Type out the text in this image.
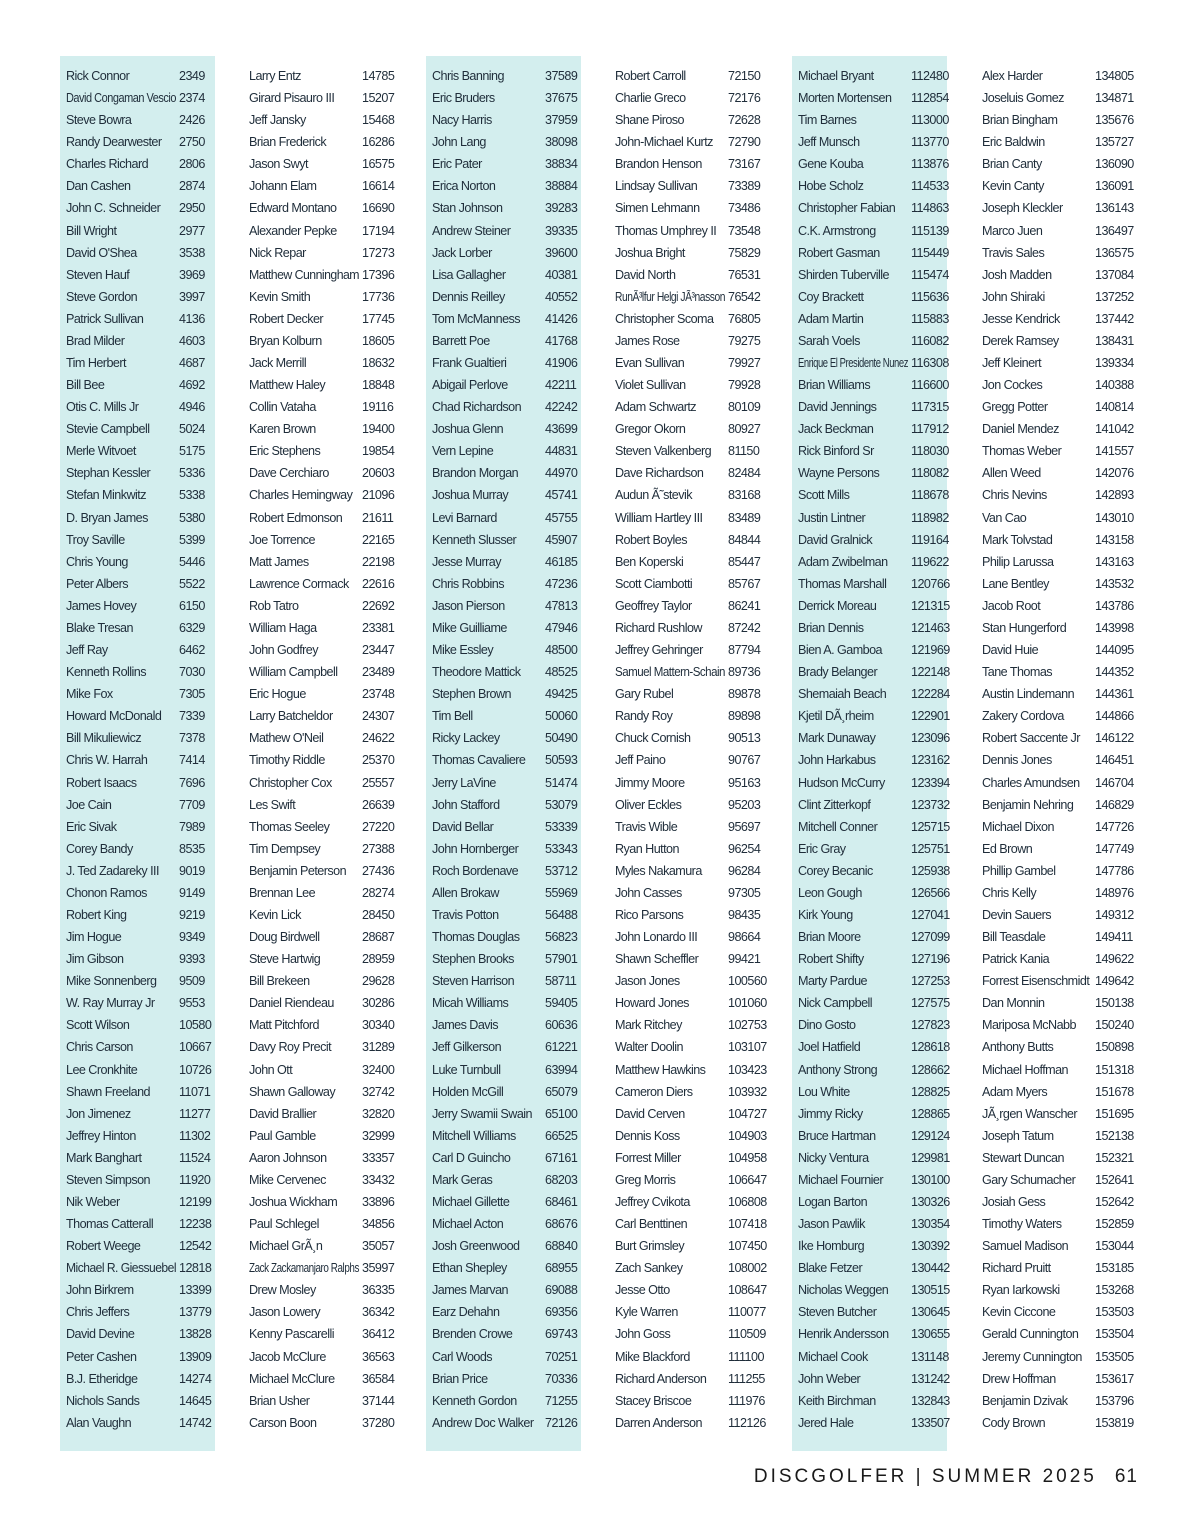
Rick Connor	2349
David Congaman Vescio 2374
Steve Bowra	2426
Randy Dearwester 2750
Charles Richard 2806
Dan Cashen	2874
John C. Schneider 2950
Bill Wright	2977
David O'Shea	3538
Steven Hauf	3969
Steve Gordon	3997
Patrick Sullivan	4136
Brad Milder	4603
Tim Herbert	4687
Bill Bee	4692
Otis C. Mills Jr	4946
Stevie Campbell 5024
Merle Witvoet	5175
Stephan Kessler 5336
Stefan Minkwitz	5338
D. Bryan James 5380
Troy Saville	5399
Chris Young	5446
Peter Albers	5522
James Hovey	6150
Blake Tresan	6329
Jeff Ray	6462
Kenneth Rollins	7030
Mike Fox	7305
Howard McDonald 7339
Bill Mikuliewicz	7378
Chris W. Harrah	7414
Robert Isaacs	7696
Joe Cain	7709
Eric Sivak	7989
Corey Bandy	8535
J. Ted Zadareky III 9019
Chonon Ramos	9149
Robert King	9219
Jim Hogue	9349
Jim Gibson	9393
Mike Sonnenberg 9509
W. Ray Murray Jr 9553
Scott Wilson	10580
Chris Carson	10667
Lee Cronkhite	10726
Shawn Freeland 11071
Jon Jimenez	11277
Jeffrey Hinton	11302
Mark Banghart	11524
Steven Simpson 11920
Nik Weber	12199
Thomas Catterall 12238
Robert Weege	12542
Michael R. Giessuebel 12818
John Birkrem	13399
Chris Jeffers	13779
David Devine	13828
Peter Cashen	13909
B.J. Etheridge	14274
Nichols Sands	14645
Alan Vaughn	14742
Larry Entz	14785
Girard Pisauro III 15207
Jeff Jansky	15468
Brian Frederick	16286
Jason Swyt	16575
Johann Elam	16614
Edward Montano 16690
Alexander Pepke 17194
Nick Repar	17273
Matthew Cunningham 17396
Kevin Smith	17736
Robert Decker	17745
Bryan Kolburn	18605
Jack Merrill	18632
Matthew Haley	18848
Collin Vataha	19116
Karen Brown	19400
Eric Stephens	19854
Dave Cerchiaro	20603
Charles Hemingway 21096
Robert Edmonson 21611
Joe Torrence	22165
Matt James	22198
Lawrence Cormack 22616
Rob Tatro	22692
William Haga	23381
John Godfrey	23447
William Campbell 23489
Eric Hogue	23748
Larry Batcheldor 24307
Mathew O'Neil	24622
Timothy Riddle	25370
Christopher Cox 25557
Les Swift	26639
Thomas Seeley	27220
Tim Dempsey	27388
Benjamin Peterson 27436
Brennan Lee	28274
Kevin Lick	28450
Doug Birdwell	28687
Steve Hartwig	28959
Bill Brekeen	29628
Daniel Riendeau 30286
Matt Pitchford	30340
Davy Roy Precit 31289
John Ott	32400
Shawn Galloway 32742
David Brallier	32820
Paul Gamble	32999
Aaron Johnson	33357
Mike Cervenec	33432
Joshua Wickham 33896
Paul Schlegel	34856
Michael GrÃ¸n	35057
Zack Zackamanjaro Ralphs 35997
Drew Mosley	36335
Jason Lowery	36342
Kenny Pascarelli 36412
Jacob McClure	36563
Michael McClure 36584
Brian Usher	37144
Carson Boon	37280
Chris Banning	37589
Eric Bruders	37675
Nacy Harris	37959
John Lang	38098
Eric Pater	38834
Erica Norton	38884
Stan Johnson	39283
Andrew Steiner	39335
Jack Lorber	39600
Lisa Gallagher	40381
Dennis Reilley	40552
Tom McManness 41426
Barrett Poe	41768
Frank Gualtieri	41906
Abigail Perlove	42211
Chad Richardson 42242
Joshua Glenn	43699
Vern Lepine	44831
Brandon Morgan 44970
Joshua Murray	45741
Levi Barnard	45755
Kenneth Slusser 45907
Jesse Murray	46185
Chris Robbins	47236
Jason Pierson	47813
Mike Guilliame	47946
Mike Essley	48500
Theodore Mattick 48525
Stephen Brown	49425
Tim Bell	50060
Ricky Lackey	50490
Thomas Cavaliere 50593
Jerry LaVine	51474
John Stafford	53079
David Bellar	53339
John Hornberger 53343
Roch Bordenave 53712
Allen Brokaw	55969
Travis Potton	56488
Thomas Douglas 56823
Stephen Brooks 57901
Steven Harrison 58711
Micah Williams	59405
James Davis	60636
Jeff Gilkerson	61221
Luke Turnbull	63994
Holden McGill	65079
Jerry Swamii Swain 65100
Mitchell Williams 66525
Carl D Guincho	67161
Mark Geras	68203
Michael Gillette	68461
Michael Acton	68676
Josh Greenwood 68840
Ethan Shepley	68955
James Marvan	69088
Earz Dehahn	69356
Brenden Crowe	69743
Carl Woods	70251
Brian Price	70336
Kenneth Gordon 71255
Andrew Doc Walker 72126
Robert Carroll	72150
Charlie Greco	72176
Shane Piroso	72628
John-Michael Kurtz 72790
Brandon Henson 73167
Lindsay Sullivan 73389
Simen Lehmann 73486
Thomas Umphrey II 73548
Joshua Bright	75829
David North	76531
RunÃ³lfur Helgi JÃ³nasson 76542
Christopher Scoma 76805
James Rose	79275
Evan Sullivan	79927
Violet Sullivan	79928
Adam Schwartz	80109
Gregor Okorn	80927
Steven Valkenberg 81150
Dave Richardson 82484
Audun Ã˜stevik	83168
William Hartley III 83489
Robert Boyles	84844
Ben Koperski	85447
Scott Ciambotti	85767
Geoffrey Taylor	86241
Richard Rushlow 87242
Jeffrey Gehringer 87794
Samuel Mattern-Schain 89736
Gary Rubel	89878
Randy Roy	89898
Chuck Cornish	90513
Jeff Paino	90767
Jimmy Moore	95163
Oliver Eckles	95203
Travis Wible	95697
Ryan Hutton	96254
Myles Nakamura 96284
John Casses	97305
Rico Parsons	98435
John Lonardo III 98664
Shawn Scheffler 99421
Jason Jones	100560
Howard Jones	101060
Mark Ritchey	102753
Walter Doolin	103107
Matthew Hawkins 103423
Cameron Diers	103932
David Cerven	104727
Dennis Koss	104903
Forrest Miller	104958
Greg Morris	106647
Jeffrey Cvikota	106808
Carl Benttinen	107418
Burt Grimsley	107450
Zach Sankey	108002
Jesse Otto	108647
Kyle Warren	110077
John Goss	110509
Mike Blackford	111100
Richard Anderson 111255
Stacey Briscoe	111976
Darren Anderson 112126
Michael Bryant	112480
Morten Mortensen 112854
Tim Barnes	113000
Jeff Munsch	113770
Gene Kouba	113876
Hobe Scholz	114533
Christopher Fabian 114863
C.K. Armstrong	115139
Robert Gasman 115449
Shirden Tuberville 115474
Coy Brackett	115636
Adam Martin	115883
Sarah Voels	116082
Enrique El Presidente Nunez 116308
Brian Williams	116600
David Jennings	117315
Jack Beckman	117912
Rick Binford Sr	118030
Wayne Persons	118082
Scott Mills	118678
Justin Lintner	118982
David Gralnick	119164
Adam Zwibelman 119622
Thomas Marshall 120766
Derrick Moreau	121315
Brian Dennis	121463
Bien A. Gamboa 121969
Brady Belanger	122148
Shemaiah Beach 122284
Kjetil DÃ¸rheim	122901
Mark Dunaway	123096
John Harkabus	123162
Hudson McCurry 123394
Clint Zitterkopf	123732
Mitchell Conner	125715
Eric Gray	125751
Corey Becanic	125938
Leon Gough	126566
Kirk Young	127041
Brian Moore	127099
Robert Shifty	127196
Marty Pardue	127253
Nick Campbell	127575
Dino Gosto	127823
Joel Hatfield	128618
Anthony Strong	128662
Lou White	128825
Jimmy Ricky	128865
Bruce Hartman	129124
Nicky Ventura	129981
Michael Fournier 130100
Logan Barton	130326
Jason Pawlik	130354
Ike Homburg	130392
Blake Fetzer	130442
Nicholas Weggen 130515
Steven Butcher	130645
Henrik Andersson 130655
Michael Cook	131148
John Weber	131242
Keith Birchman	132843
Jered Hale	133507
Alex Harder	134805
Joseluis Gomez 134871
Brian Bingham	135676
Eric Baldwin	135727
Brian Canty	136090
Kevin Canty	136091
Joseph Kleckler	136143
Marco Juen	136497
Travis Sales	136575
Josh Madden	137084
John Shiraki	137252
Jesse Kendrick	137442
Derek Ramsey	138431
Jeff Kleinert	139334
Jon Cockes	140388
Gregg Potter	140814
Daniel Mendez	141042
Thomas Weber	141557
Allen Weed	142076
Chris Nevins	142893
Van Cao	143010
Mark Tolvstad	143158
Philip Larussa	143163
Lane Bentley	143532
Jacob Root	143786
Stan Hungerford 143998
David Huie	144095
Tane Thomas	144352
Austin Lindemann 144361
Zakery Cordova 144866
Robert Saccente Jr 146122
Dennis Jones	146451
Charles Amundsen 146704
Benjamin Nehring 146829
Michael Dixon	147726
Ed Brown	147749
Phillip Gambel	147786
Chris Kelly	148976
Devin Sauers	149312
Bill Teasdale	149411
Patrick Kania	149622
Forrest Eisenschmidt 149642
Dan Monnin	150138
Mariposa McNabb 150240
Anthony Butts	150898
Michael Hoffman 151318
Adam Myers	151678
JÃ¸rgen Wanscher 151695
Joseph Tatum	152138
Stewart Duncan 152321
Gary Schumacher 152641
Josiah Gess	152642
Timothy Waters	152859
Samuel Madison 153044
Richard Pruitt	153185
Ryan Iarkowski	153268
Kevin Ciccone	153503
Gerald Cunnington 153504
Jeremy Cunnington 153505
Drew Hoffman	153617
Benjamin Dzivak 153796
Cody Brown	153819
DISCGOLFER | SUMMER 2025 61
